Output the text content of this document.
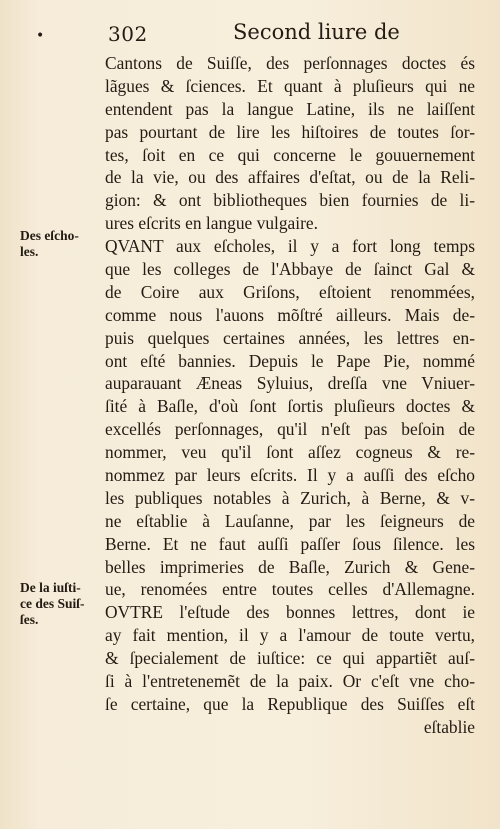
•	302	Second liure de
Des eſcho-
les.
De la iuſti-
ce des Suiſ-
ſes.
Cantons de Suiſſe, des perſonnages doctes és
lãgues & ſciences. Et quant à pluſieurs qui ne
entendent pas la langue Latine, ils ne laiſſent
pas pourtant de lire les hiſtoires de toutes ſor-
tes, ſoit en ce qui concerne le gouuernement
de la vie, ou des affaires d'eſtat, ou de la Reli-
gion: & ont bibliotheques bien fournies de li-
ures eſcrits en langue vulgaire.
QVANT aux eſcholes, il y a fort long temps
que les colleges de l'Abbaye de ſainct Gal &
de Coire aux Griſons, eſtoient renommées,
comme nous l'auons mõſtré ailleurs. Mais de-
puis quelques certaines années, les lettres en-
ont eſté bannies. Depuis le Pape Pie, nommé
auparauant Æneas Syluius, dreſſa vne Vniuer-
ſité à Baſle, d'où ſont ſortis pluſieurs doctes &
excellés perſonnages, qu'il n'eſt pas beſoin de
nommer, veu qu'il ſont aſſez cogneus & re-
nommez par leurs eſcrits. Il y a auſſi des eſcho
les publiques notables à Zurich, à Berne, & v-
ne eſtablie à Lauſanne, par les ſeigneurs de
Berne. Et ne faut auſſi paſſer ſous ſilence. les
belles imprimeries de Baſle, Zurich & Gene-
ue, renomées entre toutes celles d'Allemagne.
OVTRE l'eſtude des bonnes lettres, dont ie
ay fait mention, il y a l'amour de toute vertu,
& ſpecialement de iuſtice: ce qui appartiẽt auſ-
ſi à l'entretenemẽt de la paix. Or c'eſt vne cho-
ſe certaine, que la Republique des Suiſſes eſt
eſtablie
